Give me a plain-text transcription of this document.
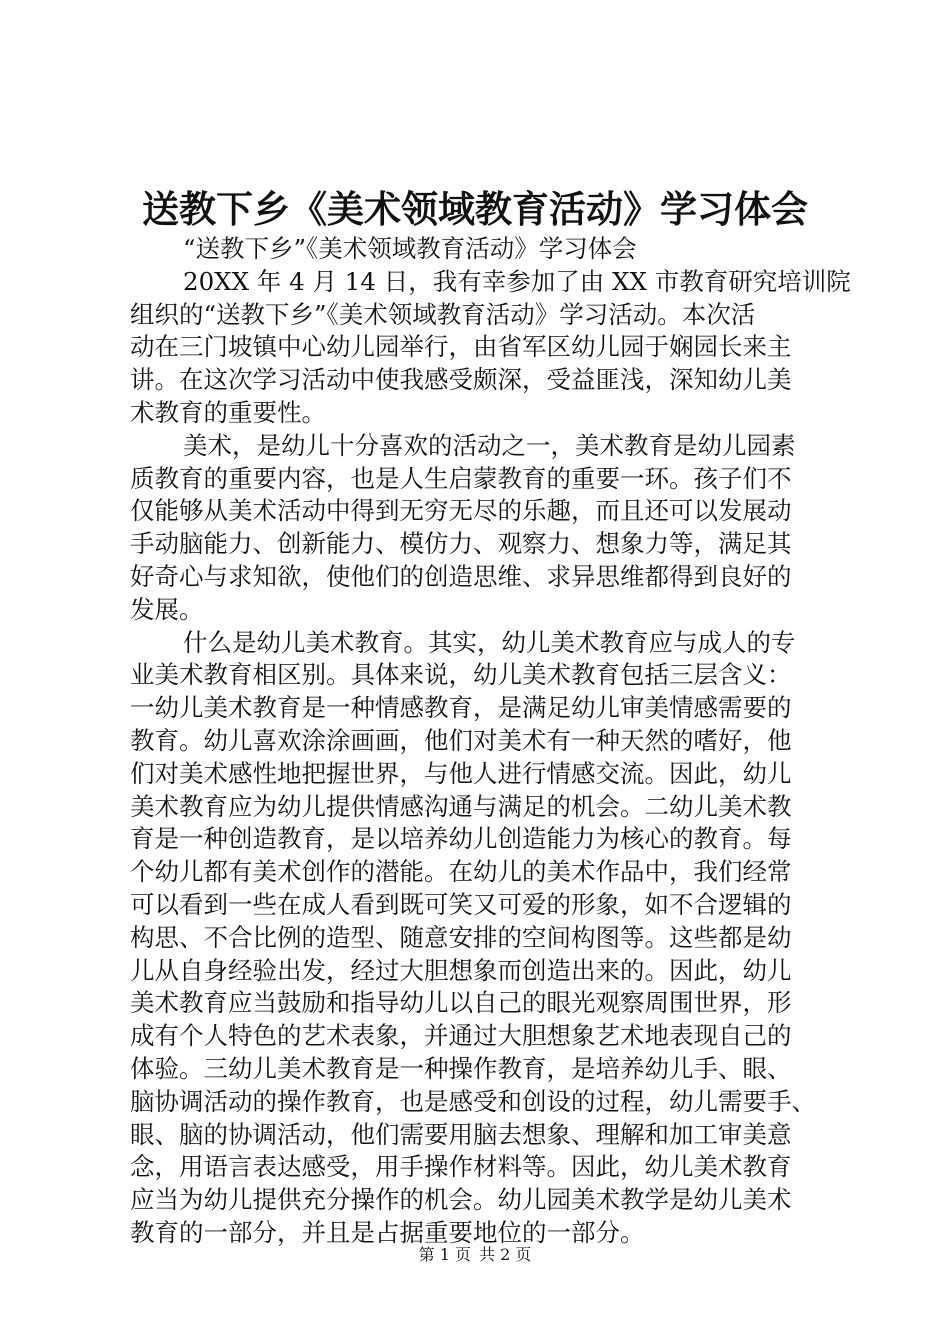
送教下乡《美术领域教育活动》学习体会
“送教下乡”《美术领域教育活动》学习体会
20XX 年 4 月 14 日，我有幸参加了由 XX 市教育研究培训院
组织的“送教下乡”《美术领域教育活动》学习活动。本次活
动在三门坡镇中心幼儿园举行，由省军区幼儿园于娴园长来主
讲。在这次学习活动中使我感受颇深，受益匪浅，深知幼儿美
术教育的重要性。
美术，是幼儿十分喜欢的活动之一，美术教育是幼儿园素
质教育的重要内容，也是人生启蒙教育的重要一环。孩子们不
仅能够从美术活动中得到无穷无尽的乐趣，而且还可以发展动
手动脑能力、创新能力、模仿力、观察力、想象力等，满足其
好奇心与求知欲，使他们的创造思维、求异思维都得到良好的
发展。
什么是幼儿美术教育。其实，幼儿美术教育应与成人的专
业美术教育相区别。具体来说，幼儿美术教育包括三层含义：
一幼儿美术教育是一种情感教育，是满足幼儿审美情感需要的
教育。幼儿喜欢涂涂画画，他们对美术有一种天然的嗜好，他
们对美术感性地把握世界，与他人进行情感交流。因此，幼儿
美术教育应为幼儿提供情感沟通与满足的机会。二幼儿美术教
育是一种创造教育，是以培养幼儿创造能力为核心的教育。每
个幼儿都有美术创作的潜能。在幼儿的美术作品中，我们经常
可以看到一些在成人看到既可笑又可爱的形象，如不合逻辑的
构思、不合比例的造型、随意安排的空间构图等。这些都是幼
儿从自身经验出发，经过大胆想象而创造出来的。因此，幼儿
美术教育应当鼓励和指导幼儿以自己的眼光观察周围世界，形
成有个人特色的艺术表象，并通过大胆想象艺术地表现自己的
体验。三幼儿美术教育是一种操作教育，是培养幼儿手、眼、
脑协调活动的操作教育，也是感受和创设的过程，幼儿需要手、
眼、脑的协调活动，他们需要用脑去想象、理解和加工审美意
念，用语言表达感受，用手操作材料等。因此，幼儿美术教育
应当为幼儿提供充分操作的机会。幼儿园美术教学是幼儿美术
教育的一部分，并且是占据重要地位的一部分。
第 1 页 共 2 页
